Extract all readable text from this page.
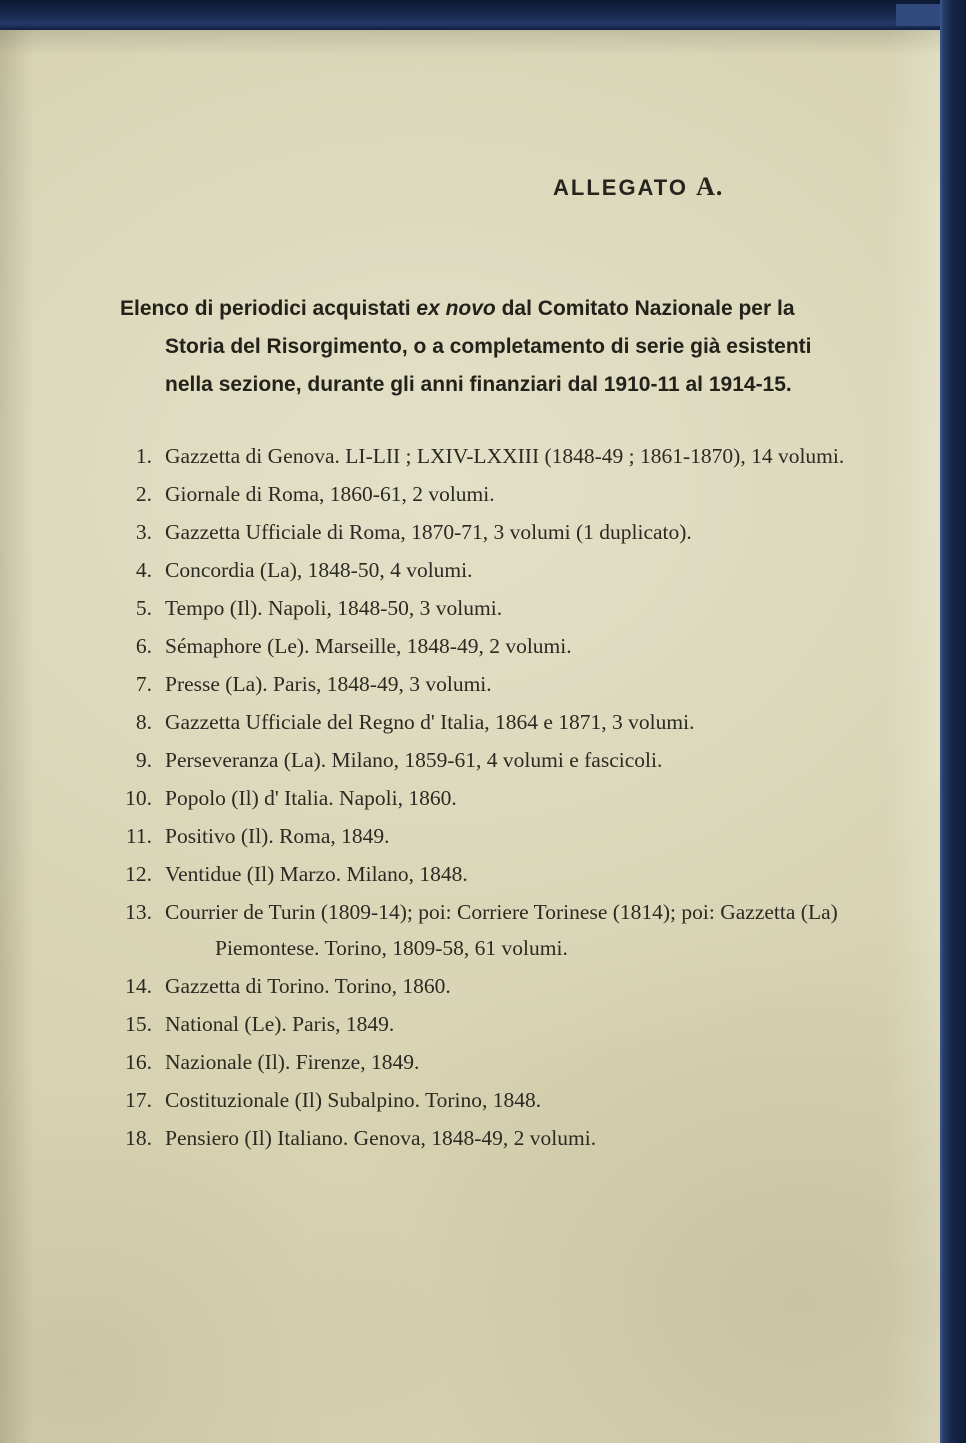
ALLEGATO A.

Elenco di periodici acquistati ex novo dal Comitato Nazionale per la Storia del Risorgimento, o a completamento di serie già esistenti nella sezione, durante gli anni finanziari dal 1910-11 al 1914-15.

1. Gazzetta di Genova. LI-LII ; LXIV-LXXIII (1848-49 ; 1861-1870), 14 volumi.
2. Giornale di Roma, 1860-61, 2 volumi.
3. Gazzetta Ufficiale di Roma, 1870-71, 3 volumi (1 duplicato).
4. Concordia (La), 1848-50, 4 volumi.
5. Tempo (Il). Napoli, 1848-50, 3 volumi.
6. Sémaphore (Le). Marseille, 1848-49, 2 volumi.
7. Presse (La). Paris, 1848-49, 3 volumi.
8. Gazzetta Ufficiale del Regno d' Italia, 1864 e 1871, 3 volumi.
9. Perseveranza (La). Milano, 1859-61, 4 volumi e fascicoli.
10. Popolo (Il) d' Italia. Napoli, 1860.
11. Positivo (Il). Roma, 1849.
12. Ventidue (Il) Marzo. Milano, 1848.
13. Courrier de Turin (1809-14); poi: Corriere Torinese (1814); poi: Gazzetta (La) Piemontese. Torino, 1809-58, 61 volumi.
14. Gazzetta di Torino. Torino, 1860.
15. National (Le). Paris, 1849.
16. Nazionale (Il). Firenze, 1849.
17. Costituzionale (Il) Subalpino. Torino, 1848.
18. Pensiero (Il) Italiano. Genova, 1848-49, 2 volumi.
